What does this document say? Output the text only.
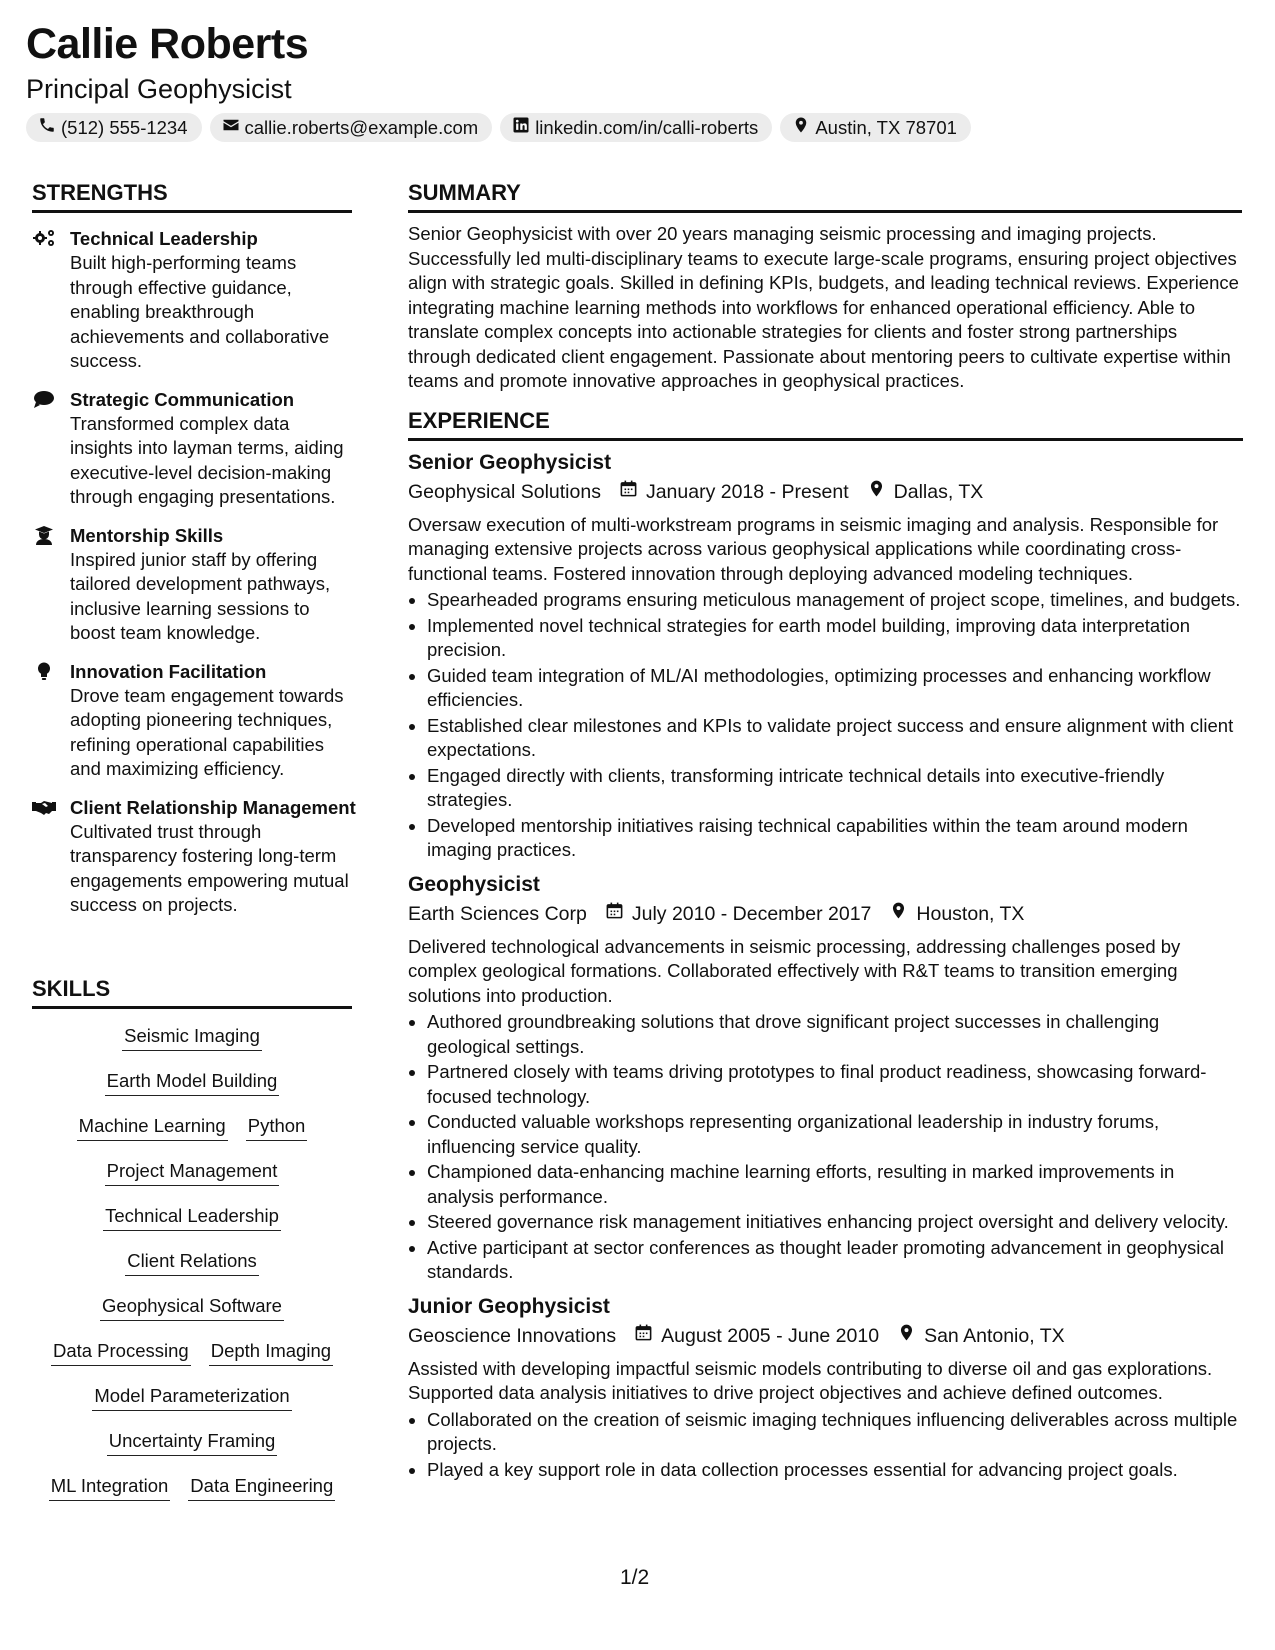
Callie Roberts
Principal Geophysicist
(512) 555-1234	callie.roberts@example.com	linkedin.com/in/calli-roberts	Austin, TX 78701
STRENGTHS
Technical Leadership
Built high-performing teams through effective guidance, enabling breakthrough achievements and collaborative success.
Strategic Communication
Transformed complex data insights into layman terms, aiding executive-level decision-making through engaging presentations.
Mentorship Skills
Inspired junior staff by offering tailored development pathways, inclusive learning sessions to boost team knowledge.
Innovation Facilitation
Drove team engagement towards adopting pioneering techniques, refining operational capabilities and maximizing efficiency.
Client Relationship Management
Cultivated trust through transparency fostering long-term engagements empowering mutual success on projects.
SKILLS
Seismic Imaging
Earth Model Building
Machine Learning Python
Project Management
Technical Leadership
Client Relations
Geophysical Software
Data Processing Depth Imaging
Model Parameterization
Uncertainty Framing
ML Integration Data Engineering
SUMMARY

Senior Geophysicist with over 20 years managing seismic processing and imaging projects. Successfully led multi-disciplinary teams to execute large-scale programs, ensuring project objectives align with strategic goals. Skilled in defining KPIs, budgets, and leading technical reviews. Experience integrating machine learning methods into workflows for enhanced operational efficiency. Able to translate complex concepts into actionable strategies for clients and foster strong partnerships through dedicated client engagement. Passionate about mentoring peers to cultivate expertise within teams and promote innovative approaches in geophysical practices.

EXPERIENCE
Senior Geophysicist
Geophysical Solutions January 2018 - Present Dallas, TX

Oversaw execution of multi-workstream programs in seismic imaging and analysis. Responsible for managing extensive projects across various geophysical applications while coordinating cross-functional teams. Fostered innovation through deploying advanced modeling techniques.

• Spearheaded programs ensuring meticulous management of project scope, timelines, and budgets.
• Implemented novel technical strategies for earth model building, improving data interpretation precision.
• Guided team integration of ML/AI methodologies, optimizing processes and enhancing workflow efficiencies.
• Established clear milestones and KPIs to validate project success and ensure alignment with client expectations.
• Engaged directly with clients, transforming intricate technical details into executive-friendly strategies.
• Developed mentorship initiatives raising technical capabilities within the team around modern imaging practices.
Geophysicist
Earth Sciences Corp July 2010 - December 2017 Houston, TX

Delivered technological advancements in seismic processing, addressing challenges posed by complex geological formations. Collaborated effectively with R&T teams to transition emerging solutions into production.

• Authored groundbreaking solutions that drove significant project successes in challenging geological settings.
• Partnered closely with teams driving prototypes to final product readiness, showcasing forward-focused technology.
• Conducted valuable workshops representing organizational leadership in industry forums, influencing service quality.
• Championed data-enhancing machine learning efforts, resulting in marked improvements in analysis performance.
• Steered governance risk management initiatives enhancing project oversight and delivery velocity.
• Active participant at sector conferences as thought leader promoting advancement in geophysical standards.
Junior Geophysicist
Geoscience Innovations August 2005 - June 2010 San Antonio, TX

Assisted with developing impactful seismic models contributing to diverse oil and gas explorations. Supported data analysis initiatives to drive project objectives and achieve defined outcomes.

• Collaborated on the creation of seismic imaging techniques influencing deliverables across multiple projects.
• Played a key support role in data collection processes essential for advancing project goals.
1/2
